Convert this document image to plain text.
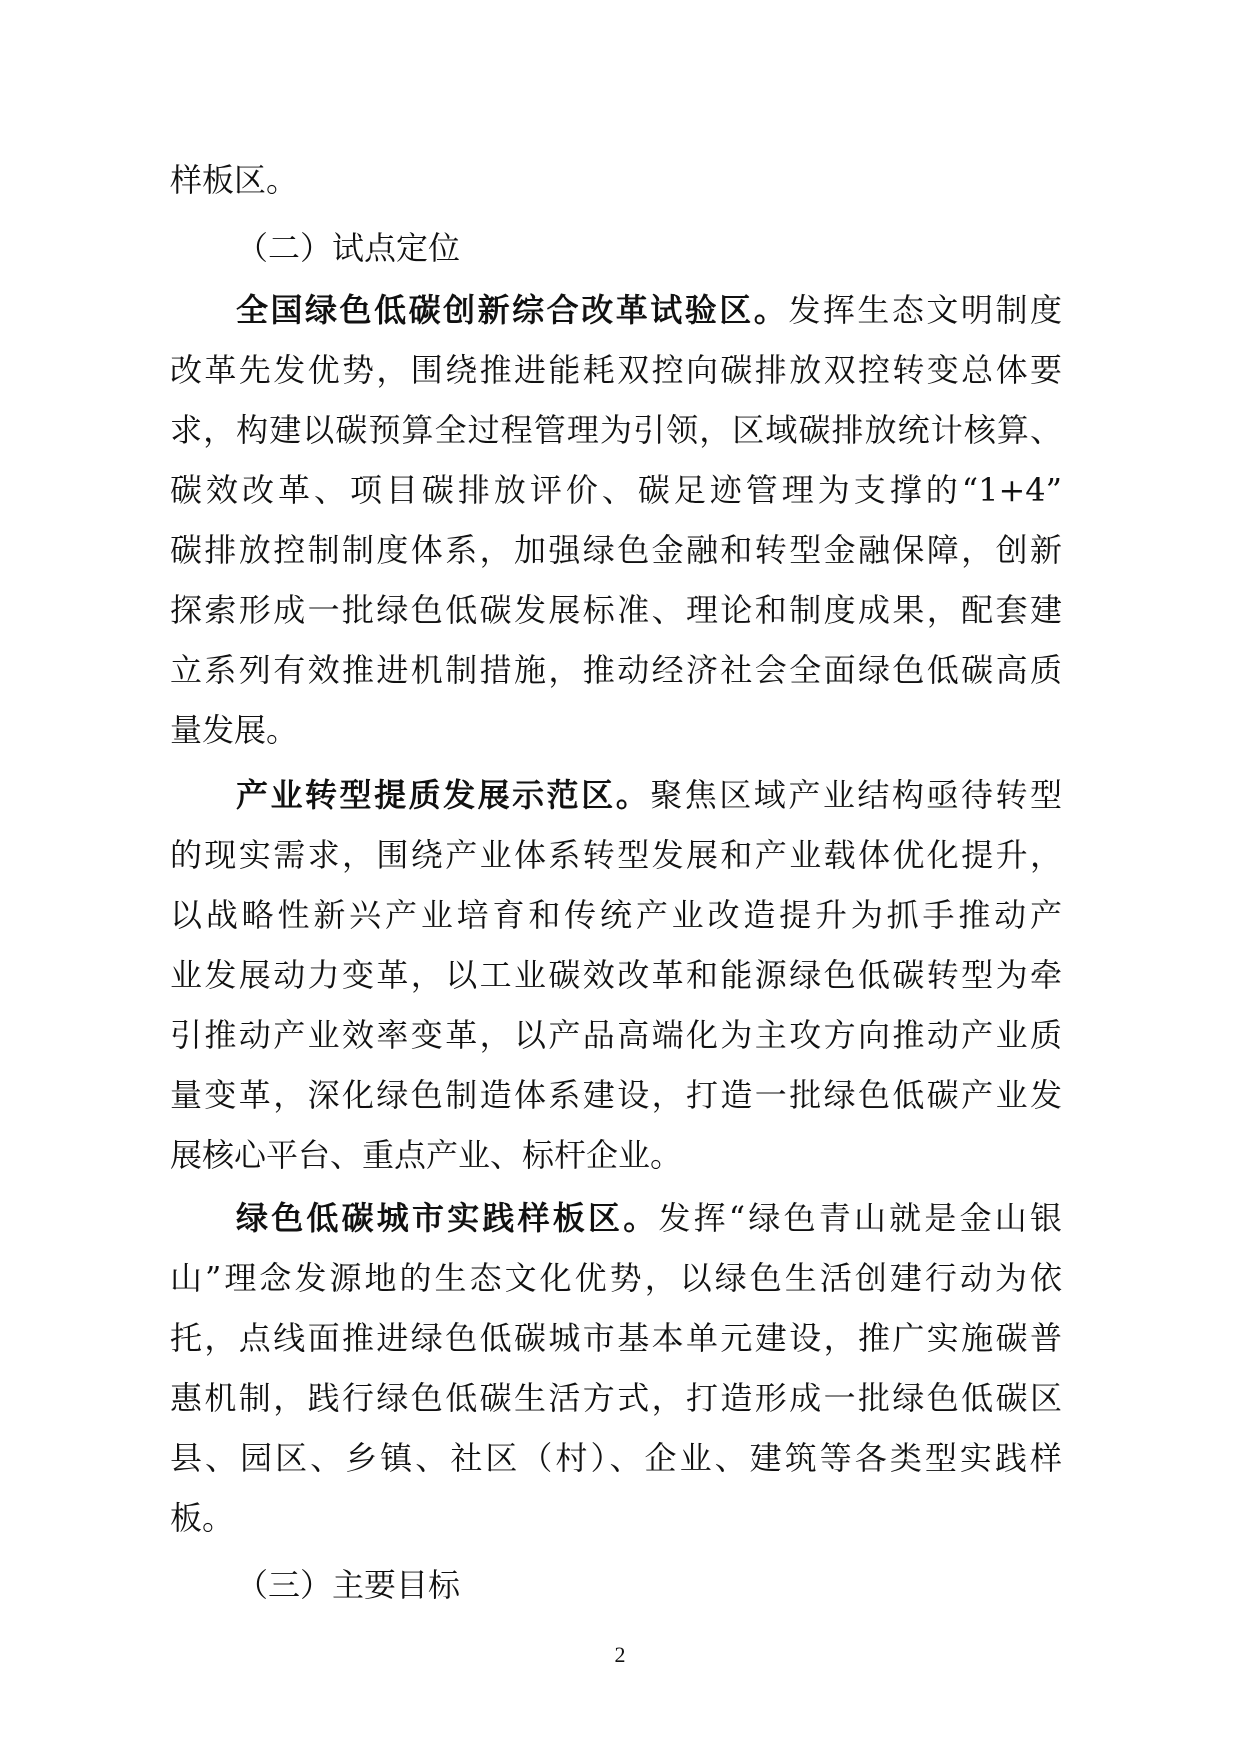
样板区。
（二）试点定位
全国绿色低碳创新综合改革试验区。发挥生态文明制度
改革先发优势，围绕推进能耗双控向碳排放双控转变总体要
求，构建以碳预算全过程管理为引领，区域碳排放统计核算、
碳效改革、项目碳排放评价、碳足迹管理为支撑的“1+4”
碳排放控制制度体系，加强绿色金融和转型金融保障，创新
探索形成一批绿色低碳发展标准、理论和制度成果，配套建
立系列有效推进机制措施，推动经济社会全面绿色低碳高质
量发展。
产业转型提质发展示范区。聚焦区域产业结构亟待转型
的现实需求，围绕产业体系转型发展和产业载体优化提升，
以战略性新兴产业培育和传统产业改造提升为抓手推动产
业发展动力变革，以工业碳效改革和能源绿色低碳转型为牵
引推动产业效率变革，以产品高端化为主攻方向推动产业质
量变革，深化绿色制造体系建设，打造一批绿色低碳产业发
展核心平台、重点产业、标杆企业。
绿色低碳城市实践样板区。发挥“绿色青山就是金山银
山”理念发源地的生态文化优势，以绿色生活创建行动为依
托，点线面推进绿色低碳城市基本单元建设，推广实施碳普
惠机制，践行绿色低碳生活方式，打造形成一批绿色低碳区
县、园区、乡镇、社区（村）、企业、建筑等各类型实践样
板。
（三）主要目标
2
